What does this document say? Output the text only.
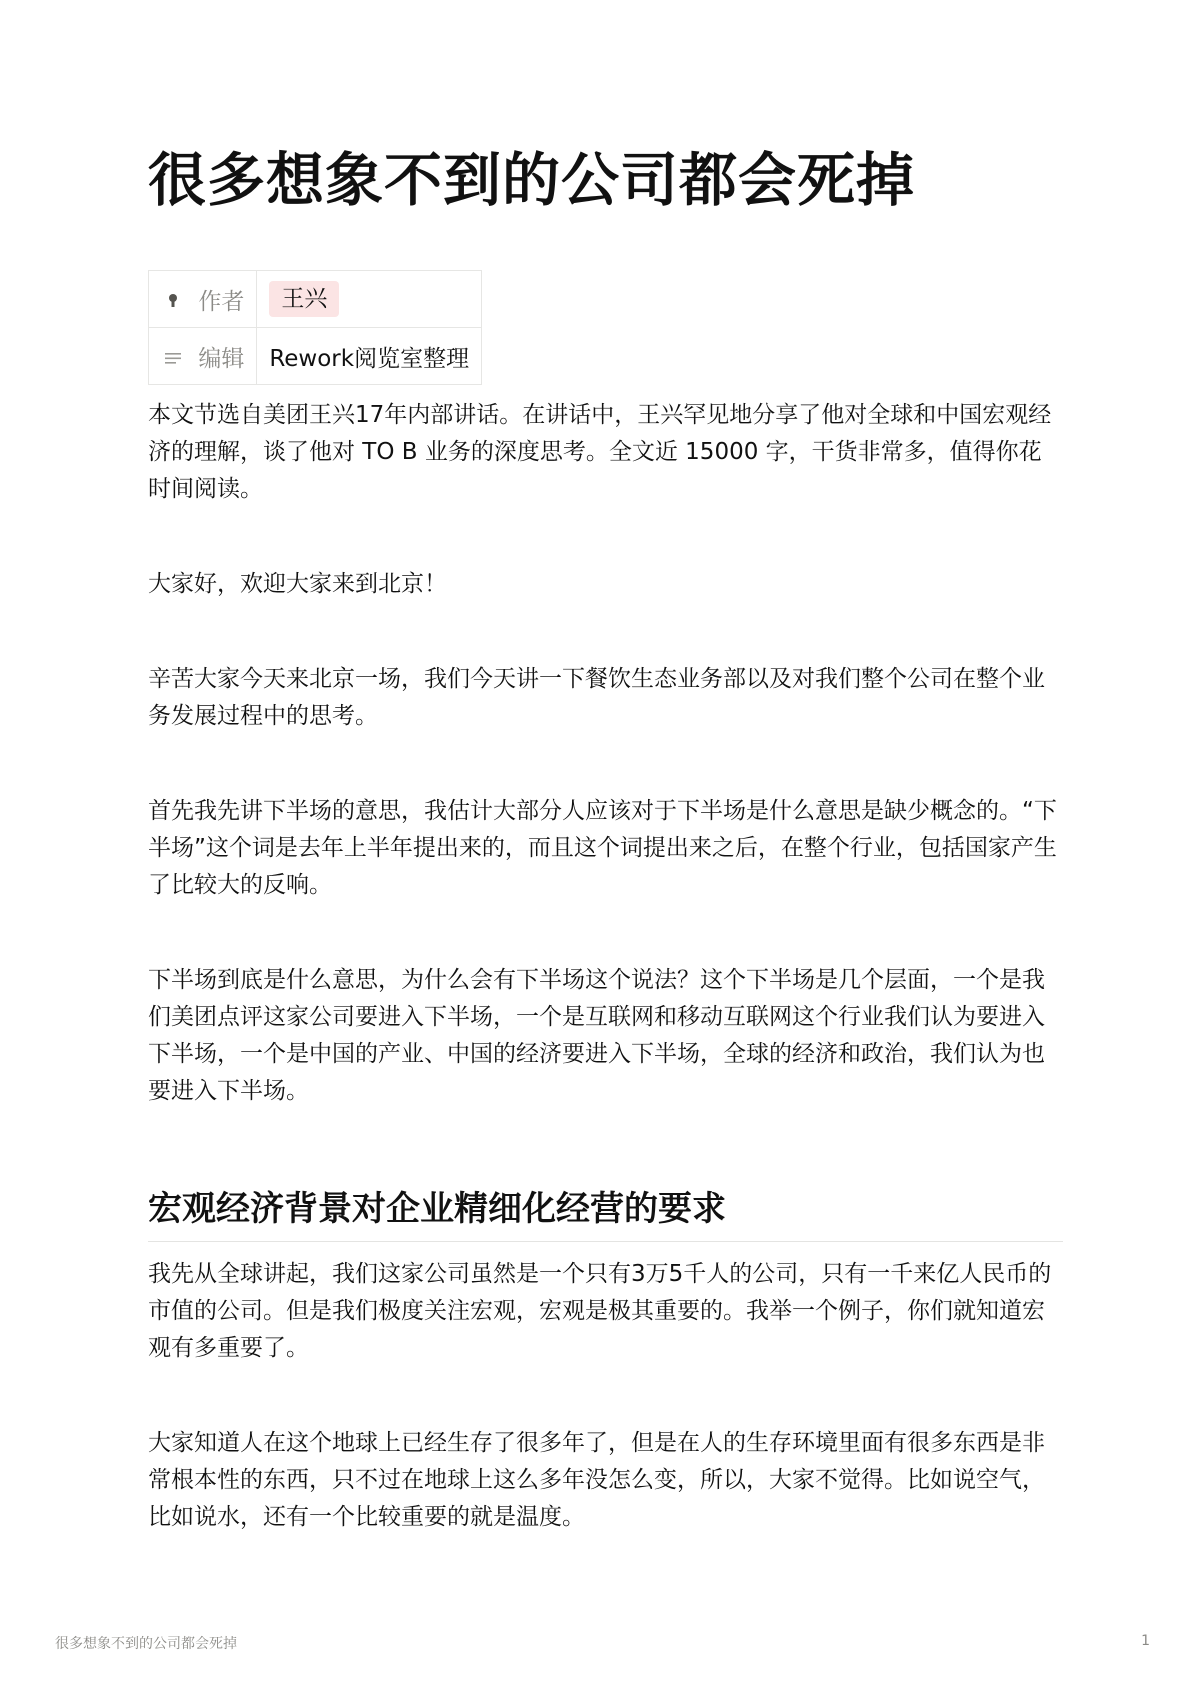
很多想象不到的公司都会死掉
作者	王兴
编辑	Rework阅览室整理

本文节选自美团王兴17年内部讲话。在讲话中，王兴罕见地分享了他对全球和中国宏观经济的理解，谈了他对 TO B 业务的深度思考。全文近 15000 字，干货非常多，值得你花时间阅读。

大家好，欢迎大家来到北京！

辛苦大家今天来北京一场，我们今天讲一下餐饮生态业务部以及对我们整个公司在整个业务发展过程中的思考。

首先我先讲下半场的意思，我估计大部分人应该对于下半场是什么意思是缺少概念的。“下半场”这个词是去年上半年提出来的，而且这个词提出来之后，在整个行业，包括国家产生了比较大的反响。

下半场到底是什么意思，为什么会有下半场这个说法？这个下半场是几个层面，一个是我们美团点评这家公司要进入下半场，一个是互联网和移动互联网这个行业我们认为要进入下半场，一个是中国的产业、中国的经济要进入下半场，全球的经济和政治，我们认为也要进入下半场。

宏观经济背景对企业精细化经营的要求

我先从全球讲起，我们这家公司虽然是一个只有3万5千人的公司，只有一千来亿人民币的市值的公司。但是我们极度关注宏观，宏观是极其重要的。我举一个例子，你们就知道宏观有多重要了。

大家知道人在这个地球上已经生存了很多年了，但是在人的生存环境里面有很多东西是非常根本性的东西，只不过在地球上这么多年没怎么变，所以，大家不觉得。比如说空气，比如说水，还有一个比较重要的就是温度。

很多想象不到的公司都会死掉	1
